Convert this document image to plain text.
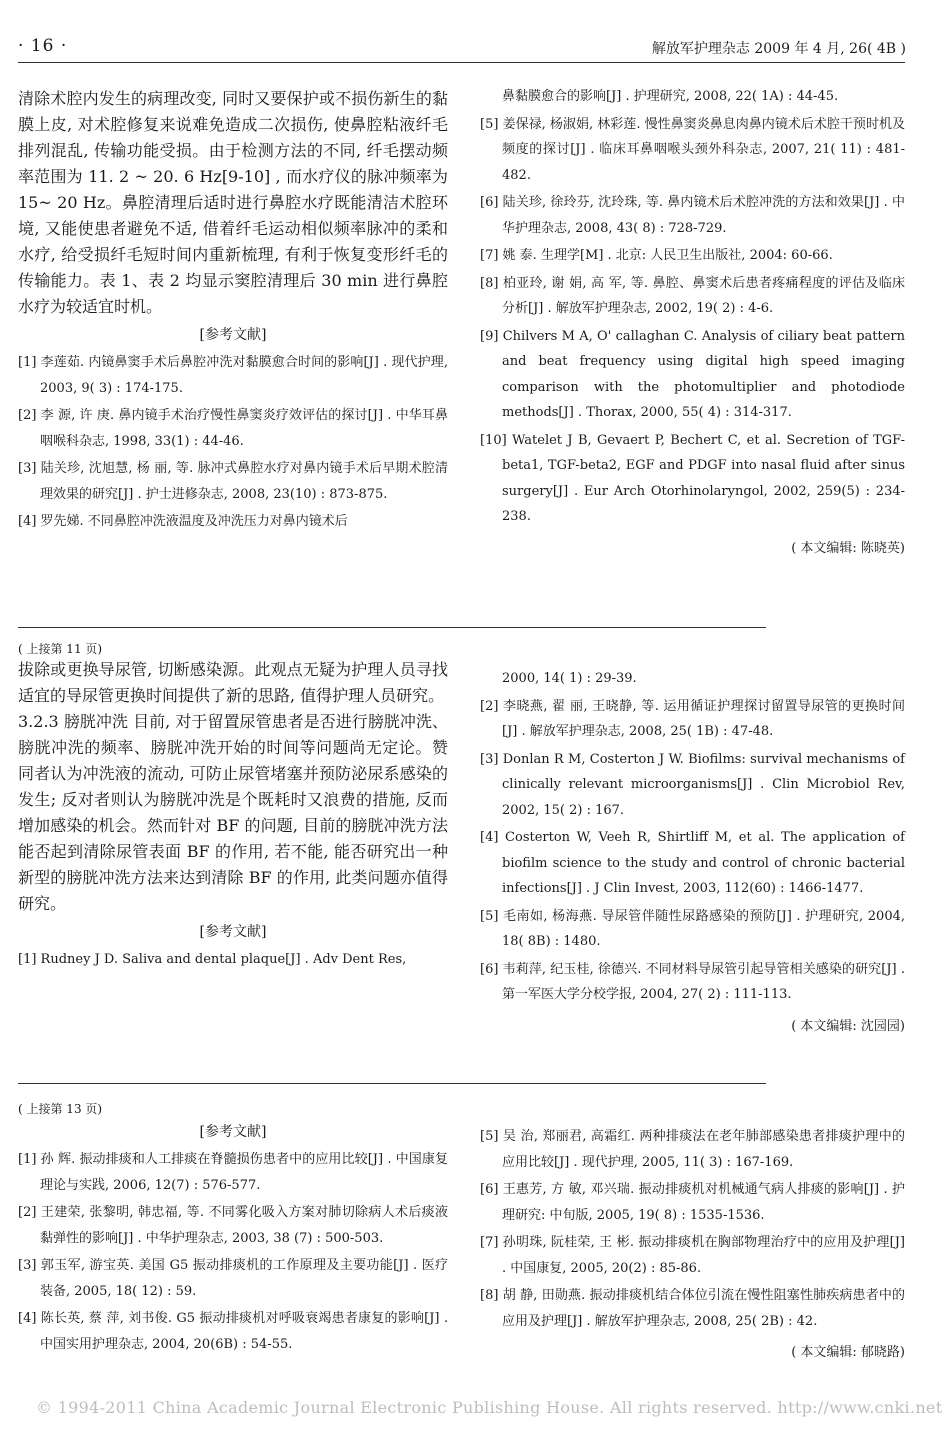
· 16 ·	解放军护理杂志 2009 年 4 月, 26( 4B )
清除术腔内发生的病理改变, 同时又要保护或不损伤新生的黏膜上皮, 对术腔修复来说难免造成二次损伤, 使鼻腔粘液纤毛排列混乱, 传输功能受损。由于检测方法的不同, 纤毛摆动频率范围为 11. 2 ~ 20. 6 Hz[9-10] , 而水疗仪的脉冲频率为 15~ 20 Hz。鼻腔清理后适时进行鼻腔水疗既能清洁术腔环境, 又能使患者避免不适, 借着纤毛运动相似频率脉冲的柔和水疗, 给受损纤毛短时间内重新梳理, 有利于恢复变形纤毛的传输能力。表 1、表 2 均显示窦腔清理后 30 min 进行鼻腔水疗为较适宜时机。
[参考文献]
[1] 李莲茹. 内镜鼻窦手术后鼻腔冲洗对黏膜愈合时间的影响[J] . 现代护理, 2003, 9( 3) : 174-175.
[2] 李 源, 许 庚. 鼻内镜手术治疗慢性鼻窦炎疗效评估的探讨[J] . 中华耳鼻咽喉科杂志, 1998, 33(1) : 44-46.
[3] 陆关珍, 沈旭慧, 杨 丽, 等. 脉冲式鼻腔水疗对鼻内镜手术后早期术腔清理效果的研究[J] . 护士进修杂志, 2008, 23(10) : 873-875.
[4] 罗先娣. 不同鼻腔冲洗液温度及冲洗压力对鼻内镜术后
鼻黏膜愈合的影响[J] . 护理研究, 2008, 22( 1A) : 44-45.
[5] 姜保禄, 杨淑娟, 林彩莲. 慢性鼻窦炎鼻息肉鼻内镜术后术腔干预时机及频度的探讨[J] . 临床耳鼻咽喉头颈外科杂志, 2007, 21( 11) : 481-482.
[6] 陆关珍, 徐玲芬, 沈玲珠, 等. 鼻内镜术后术腔冲洗的方法和效果[J] . 中华护理杂志, 2008, 43( 8) : 728-729.
[7] 姚 泰. 生理学[M] . 北京: 人民卫生出版社, 2004: 60-66.
[8] 柏亚玲, 谢 娟, 高 军, 等. 鼻腔、鼻窦术后患者疼痛程度的评估及临床分析[J] . 解放军护理杂志, 2002, 19( 2) : 4-6.
[9] Chilvers M A, O' callaghan C. Analysis of ciliary beat pattern and beat frequency using digital high speed imaging comparison with the photomultiplier and photodiode methods[J] . Thorax, 2000, 55( 4) : 314-317.
[10] Watelet J B, Gevaert P, Bechert C, et al. Secretion of TGF-beta1, TGF-beta2, EGF and PDGF into nasal fluid after sinus surgery[J] . Eur Arch Otorhinolaryngol, 2002, 259(5) : 234-238.
( 本文编辑: 陈晓英)
( 上接第 11 页)
拔除或更换导尿管, 切断感染源。此观点无疑为护理人员寻找适宜的导尿管更换时间提供了新的思路, 值得护理人员研究。
3.2.3 膀胱冲洗 目前, 对于留置尿管患者是否进行膀胱冲洗、膀胱冲洗的频率、膀胱冲洗开始的时间等问题尚无定论。赞同者认为冲洗液的流动, 可防止尿管堵塞并预防泌尿系感染的发生; 反对者则认为膀胱冲洗是个既耗时又浪费的措施, 反而增加感染的机会。然而针对 BF 的问题, 目前的膀胱冲洗方法能否起到清除尿管表面 BF 的作用, 若不能, 能否研究出一种新型的膀胱冲洗方法来达到清除 BF 的作用, 此类问题亦值得研究。
[参考文献]
[1] Rudney J D. Saliva and dental plaque[J] . Adv Dent Res,
2000, 14( 1) : 29-39.
[2] 李晓燕, 翟 丽, 王晓静, 等. 运用循证护理探讨留置导尿管的更换时间[J] . 解放军护理杂志, 2008, 25( 1B) : 47-48.
[3] Donlan R M, Costerton J W. Biofilms: survival mechanisms of clinically relevant microorganisms[J] . Clin Microbiol Rev, 2002, 15( 2) : 167.
[4] Costerton W, Veeh R, Shirtliff M, et al. The application of biofilm science to the study and control of chronic bacterial infections[J] . J Clin Invest, 2003, 112(60) : 1466-1477.
[5] 毛南如, 杨海燕. 导尿管伴随性尿路感染的预防[J] . 护理研究, 2004, 18( 8B) : 1480.
[6] 韦莉萍, 纪玉桂, 徐德兴. 不同材料导尿管引起导管相关感染的研究[J] . 第一军医大学分校学报, 2004, 27( 2) : 111-113.
( 本文编辑: 沈园园)
( 上接第 13 页)
[参考文献]
[1] 孙 辉. 振动排痰和人工排痰在脊髓损伤患者中的应用比较[J] . 中国康复理论与实践, 2006, 12(7) : 576-577.
[2] 王建荣, 张黎明, 韩忠福, 等. 不同雾化吸入方案对肺切除病人术后痰液黏弹性的影响[J] . 中华护理杂志, 2003, 38 (7) : 500-503.
[3] 郭玉军, 游宝英. 美国 G5 振动排痰机的工作原理及主要功能[J] . 医疗装备, 2005, 18( 12) : 59.
[4] 陈长英, 蔡 萍, 刘书俊. G5 振动排痰机对呼吸衰竭患者康复的影响[J] . 中国实用护理杂志, 2004, 20(6B) : 54-55.
[5] 吴 治, 郑丽君, 高霜红. 两种排痰法在老年肺部感染患者排痰护理中的应用比较[J] . 现代护理, 2005, 11( 3) : 167-169.
[6] 王惠芳, 方 敏, 邓兴瑞. 振动排痰机对机械通气病人排痰的影响[J] . 护理研究: 中旬版, 2005, 19( 8) : 1535-1536.
[7] 孙明珠, 阮桂荣, 王 彬. 振动排痰机在胸部物理治疗中的应用及护理[J] . 中国康复, 2005, 20(2) : 85-86.
[8] 胡 静, 田勋燕. 振动排痰机结合体位引流在慢性阻塞性肺疾病患者中的应用及护理[J] . 解放军护理杂志, 2008, 25( 2B) : 42.
( 本文编辑: 郁晓路)
© 1994-2011 China Academic Journal Electronic Publishing House. All rights reserved. http://www.cnki.net
